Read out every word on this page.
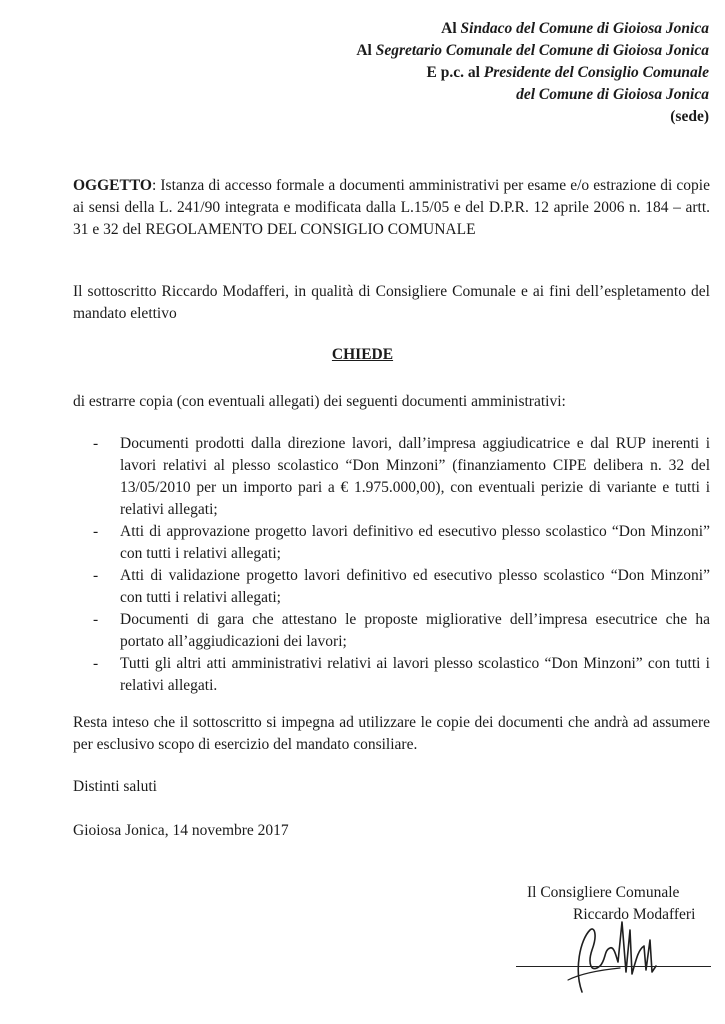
Al Sindaco del Comune di Gioiosa Jonica
Al Segretario Comunale del Comune di Gioiosa Jonica
E p.c. al Presidente del Consiglio Comunale
del Comune di Gioiosa Jonica
(sede)
OGGETTO: Istanza di accesso formale a documenti amministrativi per esame e/o estrazione di copie ai sensi della L. 241/90 integrata e modificata dalla L.15/05 e del D.P.R. 12 aprile 2006 n. 184 – artt. 31 e 32 del REGOLAMENTO DEL CONSIGLIO COMUNALE
Il sottoscritto Riccardo Modafferi, in qualità di Consigliere Comunale e ai fini dell’espletamento del mandato elettivo
CHIEDE
di estrarre copia (con eventuali allegati) dei seguenti documenti amministrativi:
- Documenti prodotti dalla direzione lavori, dall’impresa aggiudicatrice e dal RUP inerenti i lavori relativi al plesso scolastico “Don Minzoni” (finanziamento CIPE delibera n. 32 del 13/05/2010 per un importo pari a € 1.975.000,00), con eventuali perizie di variante e tutti i relativi allegati;
- Atti di approvazione progetto lavori definitivo ed esecutivo plesso scolastico “Don Minzoni” con tutti i relativi allegati;
- Atti di validazione progetto lavori definitivo ed esecutivo plesso scolastico “Don Minzoni” con tutti i relativi allegati;
- Documenti di gara che attestano le proposte migliorative dell’impresa esecutrice che ha portato all’aggiudicazioni dei lavori;
- Tutti gli altri atti amministrativi relativi ai lavori plesso scolastico “Don Minzoni” con tutti i relativi allegati.
Resta inteso che il sottoscritto si impegna ad utilizzare le copie dei documenti che andrà ad assumere per esclusivo scopo di esercizio del mandato consiliare.
Distinti saluti
Gioiosa Jonica, 14 novembre 2017
Il Consigliere Comunale
Riccardo Modafferi
